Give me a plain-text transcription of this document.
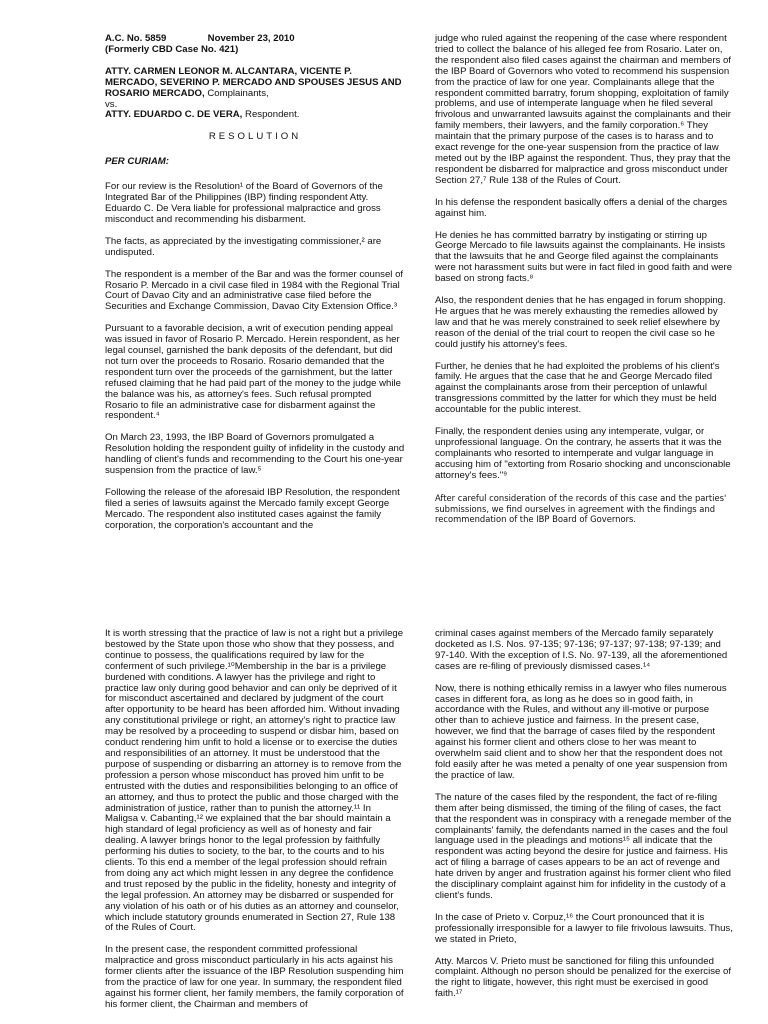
A.C. No. 5859	November 23, 2010
(Formerly CBD Case No. 421)
ATTY. CARMEN LEONOR M. ALCANTARA, VICENTE P. MERCADO, SEVERINO P. MERCADO AND SPOUSES JESUS AND ROSARIO MERCADO, Complainants,
vs.
ATTY. EDUARDO C. DE VERA, Respondent.

RESOLUTION

PER CURIAM:

For our review is the Resolution¹ of the Board of Governors of the Integrated Bar of the Philippines (IBP) finding respondent Atty. Eduardo C. De Vera liable for professional malpractice and gross misconduct and recommending his disbarment.

The facts, as appreciated by the investigating commissioner,² are undisputed.

The respondent is a member of the Bar and was the former counsel of Rosario P. Mercado in a civil case filed in 1984 with the Regional Trial Court of Davao City and an administrative case filed before the Securities and Exchange Commission, Davao City Extension Office.³

Pursuant to a favorable decision, a writ of execution pending appeal was issued in favor of Rosario P. Mercado. Herein respondent, as her legal counsel, garnished the bank deposits of the defendant, but did not turn over the proceeds to Rosario. Rosario demanded that the respondent turn over the proceeds of the garnishment, but the latter refused claiming that he had paid part of the money to the judge while the balance was his, as attorney's fees. Such refusal prompted Rosario to file an administrative case for disbarment against the respondent.⁴

On March 23, 1993, the IBP Board of Governors promulgated a Resolution holding the respondent guilty of infidelity in the custody and handling of client's funds and recommending to the Court his one-year suspension from the practice of law.⁵

Following the release of the aforesaid IBP Resolution, the respondent filed a series of lawsuits against the Mercado family except George Mercado. The respondent also instituted cases against the family corporation, the corporation's accountant and the

judge who ruled against the reopening of the case where respondent tried to collect the balance of his alleged fee from Rosario. Later on, the respondent also filed cases against the chairman and members of the IBP Board of Governors who voted to recommend his suspension from the practice of law for one year. Complainants allege that the respondent committed barratry, forum shopping, exploitation of family problems, and use of intemperate language when he filed several frivolous and unwarranted lawsuits against the complainants and their family members, their lawyers, and the family corporation.⁶ They maintain that the primary purpose of the cases is to harass and to exact revenge for the one-year suspension from the practice of law meted out by the IBP against the respondent. Thus, they pray that the respondent be disbarred for malpractice and gross misconduct under Section 27,⁷ Rule 138 of the Rules of Court.

In his defense the respondent basically offers a denial of the charges against him.

He denies he has committed barratry by instigating or stirring up George Mercado to file lawsuits against the complainants. He insists that the lawsuits that he and George filed against the complainants were not harassment suits but were in fact filed in good faith and were based on strong facts.⁸

Also, the respondent denies that he has engaged in forum shopping. He argues that he was merely exhausting the remedies allowed by law and that he was merely constrained to seek relief elsewhere by reason of the denial of the trial court to reopen the civil case so he could justify his attorney's fees.

Further, he denies that he had exploited the problems of his client's family. He argues that the case that he and George Mercado filed against the complainants arose from their perception of unlawful transgressions committed by the latter for which they must be held accountable for the public interest.

Finally, the respondent denies using any intemperate, vulgar, or unprofessional language. On the contrary, he asserts that it was the complainants who resorted to intemperate and vulgar language in accusing him of "extorting from Rosario shocking and unconscionable attorney's fees."⁹

After careful consideration of the records of this case and the parties' submissions, we find ourselves in agreement with the findings and recommendation of the IBP Board of Governors.

It is worth stressing that the practice of law is not a right but a privilege bestowed by the State upon those who show that they possess, and continue to possess, the qualifications required by law for the conferment of such privilege.¹⁰Membership in the bar is a privilege burdened with conditions. A lawyer has the privilege and right to practice law only during good behavior and can only be deprived of it for misconduct ascertained and declared by judgment of the court after opportunity to be heard has been afforded him. Without invading any constitutional privilege or right, an attorney's right to practice law may be resolved by a proceeding to suspend or disbar him, based on conduct rendering him unfit to hold a license or to exercise the duties and responsibilities of an attorney. It must be understood that the purpose of suspending or disbarring an attorney is to remove from the profession a person whose misconduct has proved him unfit to be entrusted with the duties and responsibilities belonging to an office of an attorney, and thus to protect the public and those charged with the administration of justice, rather than to punish the attorney.¹¹ In Maligsa v. Cabanting,¹² we explained that the bar should maintain a high standard of legal proficiency as well as of honesty and fair dealing. A lawyer brings honor to the legal profession by faithfully performing his duties to society, to the bar, to the courts and to his clients. To this end a member of the legal profession should refrain from doing any act which might lessen in any degree the confidence and trust reposed by the public in the fidelity, honesty and integrity of the legal profession. An attorney may be disbarred or suspended for any violation of his oath or of his duties as an attorney and counselor, which include statutory grounds enumerated in Section 27, Rule 138 of the Rules of Court.

In the present case, the respondent committed professional malpractice and gross misconduct particularly in his acts against his former clients after the issuance of the IBP Resolution suspending him from the practice of law for one year. In summary, the respondent filed against his former client, her family members, the family corporation of his former client, the Chairman and members of

criminal cases against members of the Mercado family separately docketed as I.S. Nos. 97-135; 97-136; 97-137; 97-138; 97-139; and 97-140. With the exception of I.S. No. 97-139, all the aforementioned cases are re-filing of previously dismissed cases.¹⁴

Now, there is nothing ethically remiss in a lawyer who files numerous cases in different fora, as long as he does so in good faith, in accordance with the Rules, and without any ill-motive or purpose other than to achieve justice and fairness. In the present case, however, we find that the barrage of cases filed by the respondent against his former client and others close to her was meant to overwhelm said client and to show her that the respondent does not fold easily after he was meted a penalty of one year suspension from the practice of law.

The nature of the cases filed by the respondent, the fact of re-filing them after being dismissed, the timing of the filing of cases, the fact that the respondent was in conspiracy with a renegade member of the complainants' family, the defendants named in the cases and the foul language used in the pleadings and motions¹⁵ all indicate that the respondent was acting beyond the desire for justice and fairness. His act of filing a barrage of cases appears to be an act of revenge and hate driven by anger and frustration against his former client who filed the disciplinary complaint against him for infidelity in the custody of a client's funds.

In the case of Prieto v. Corpuz,¹⁶ the Court pronounced that it is professionally irresponsible for a lawyer to file frivolous lawsuits. Thus, we stated in Prieto,

Atty. Marcos V. Prieto must be sanctioned for filing this unfounded complaint. Although no person should be penalized for the exercise of the right to litigate, however, this right must be exercised in good faith.¹⁷
